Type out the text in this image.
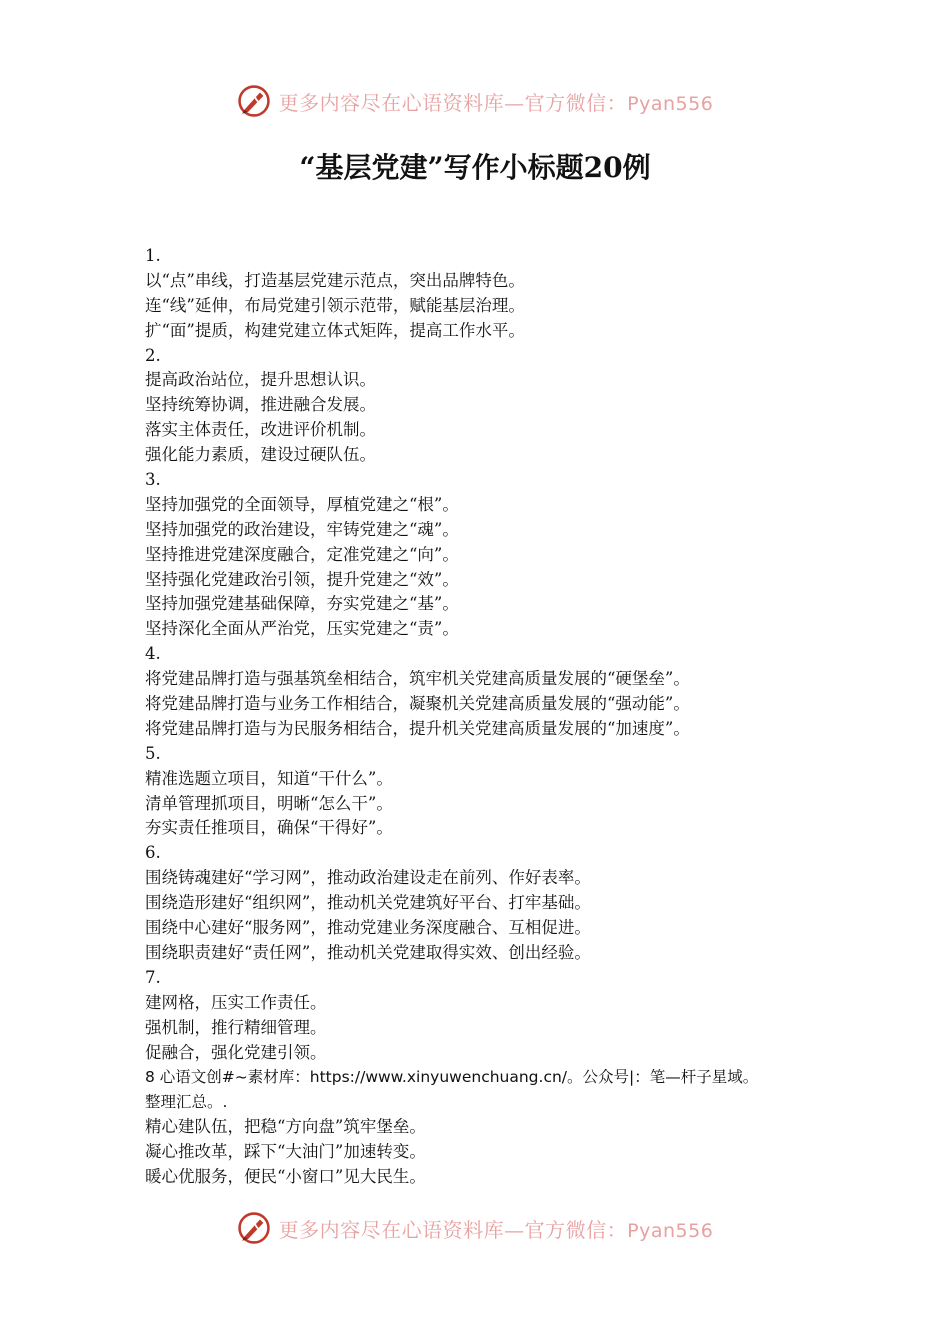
更多内容尽在心语资料库—官方微信：Pyan556
“基层党建”写作小标题20例
1.
以“点”串线，打造基层党建示范点，突出品牌特色。
连“线”延伸，布局党建引领示范带，赋能基层治理。
扩“面”提质，构建党建立体式矩阵，提高工作水平。
2.
提高政治站位，提升思想认识。
坚持统筹协调，推进融合发展。
落实主体责任，改进评价机制。
强化能力素质，建设过硬队伍。
3.
坚持加强党的全面领导，厚植党建之“根”。
坚持加强党的政治建设，牢铸党建之“魂”。
坚持推进党建深度融合，定准党建之“向”。
坚持强化党建政治引领，提升党建之“效”。
坚持加强党建基础保障，夯实党建之“基”。
坚持深化全面从严治党，压实党建之“责”。
4.
将党建品牌打造与强基筑垒相结合，筑牢机关党建高质量发展的“硬堡垒”。
将党建品牌打造与业务工作相结合，凝聚机关党建高质量发展的“强动能”。
将党建品牌打造与为民服务相结合，提升机关党建高质量发展的“加速度”。
5.
精准选题立项目，知道“干什么”。
清单管理抓项目，明晰“怎么干”。
夯实责任推项目，确保“干得好”。
6.
围绕铸魂建好“学习网”，推动政治建设走在前列、作好表率。
围绕造形建好“组织网”，推动机关党建筑好平台、打牢基础。
围绕中心建好“服务网”，推动党建业务深度融合、互相促进。
围绕职责建好“责任网”，推动机关党建取得实效、创出经验。
7.
建网格，压实工作责任。
强机制，推行精细管理。
促融合，强化党建引领。
8 心语文创#~素材库：https://www.xinyuwenchuang.cn/。公众号|：笔—杆子星域。
整理汇总。.
精心建队伍，把稳“方向盘”筑牢堡垒。
凝心推改革，踩下“大油门”加速转变。
暖心优服务，便民“小窗口”见大民生。
更多内容尽在心语资料库—官方微信：Pyan556
